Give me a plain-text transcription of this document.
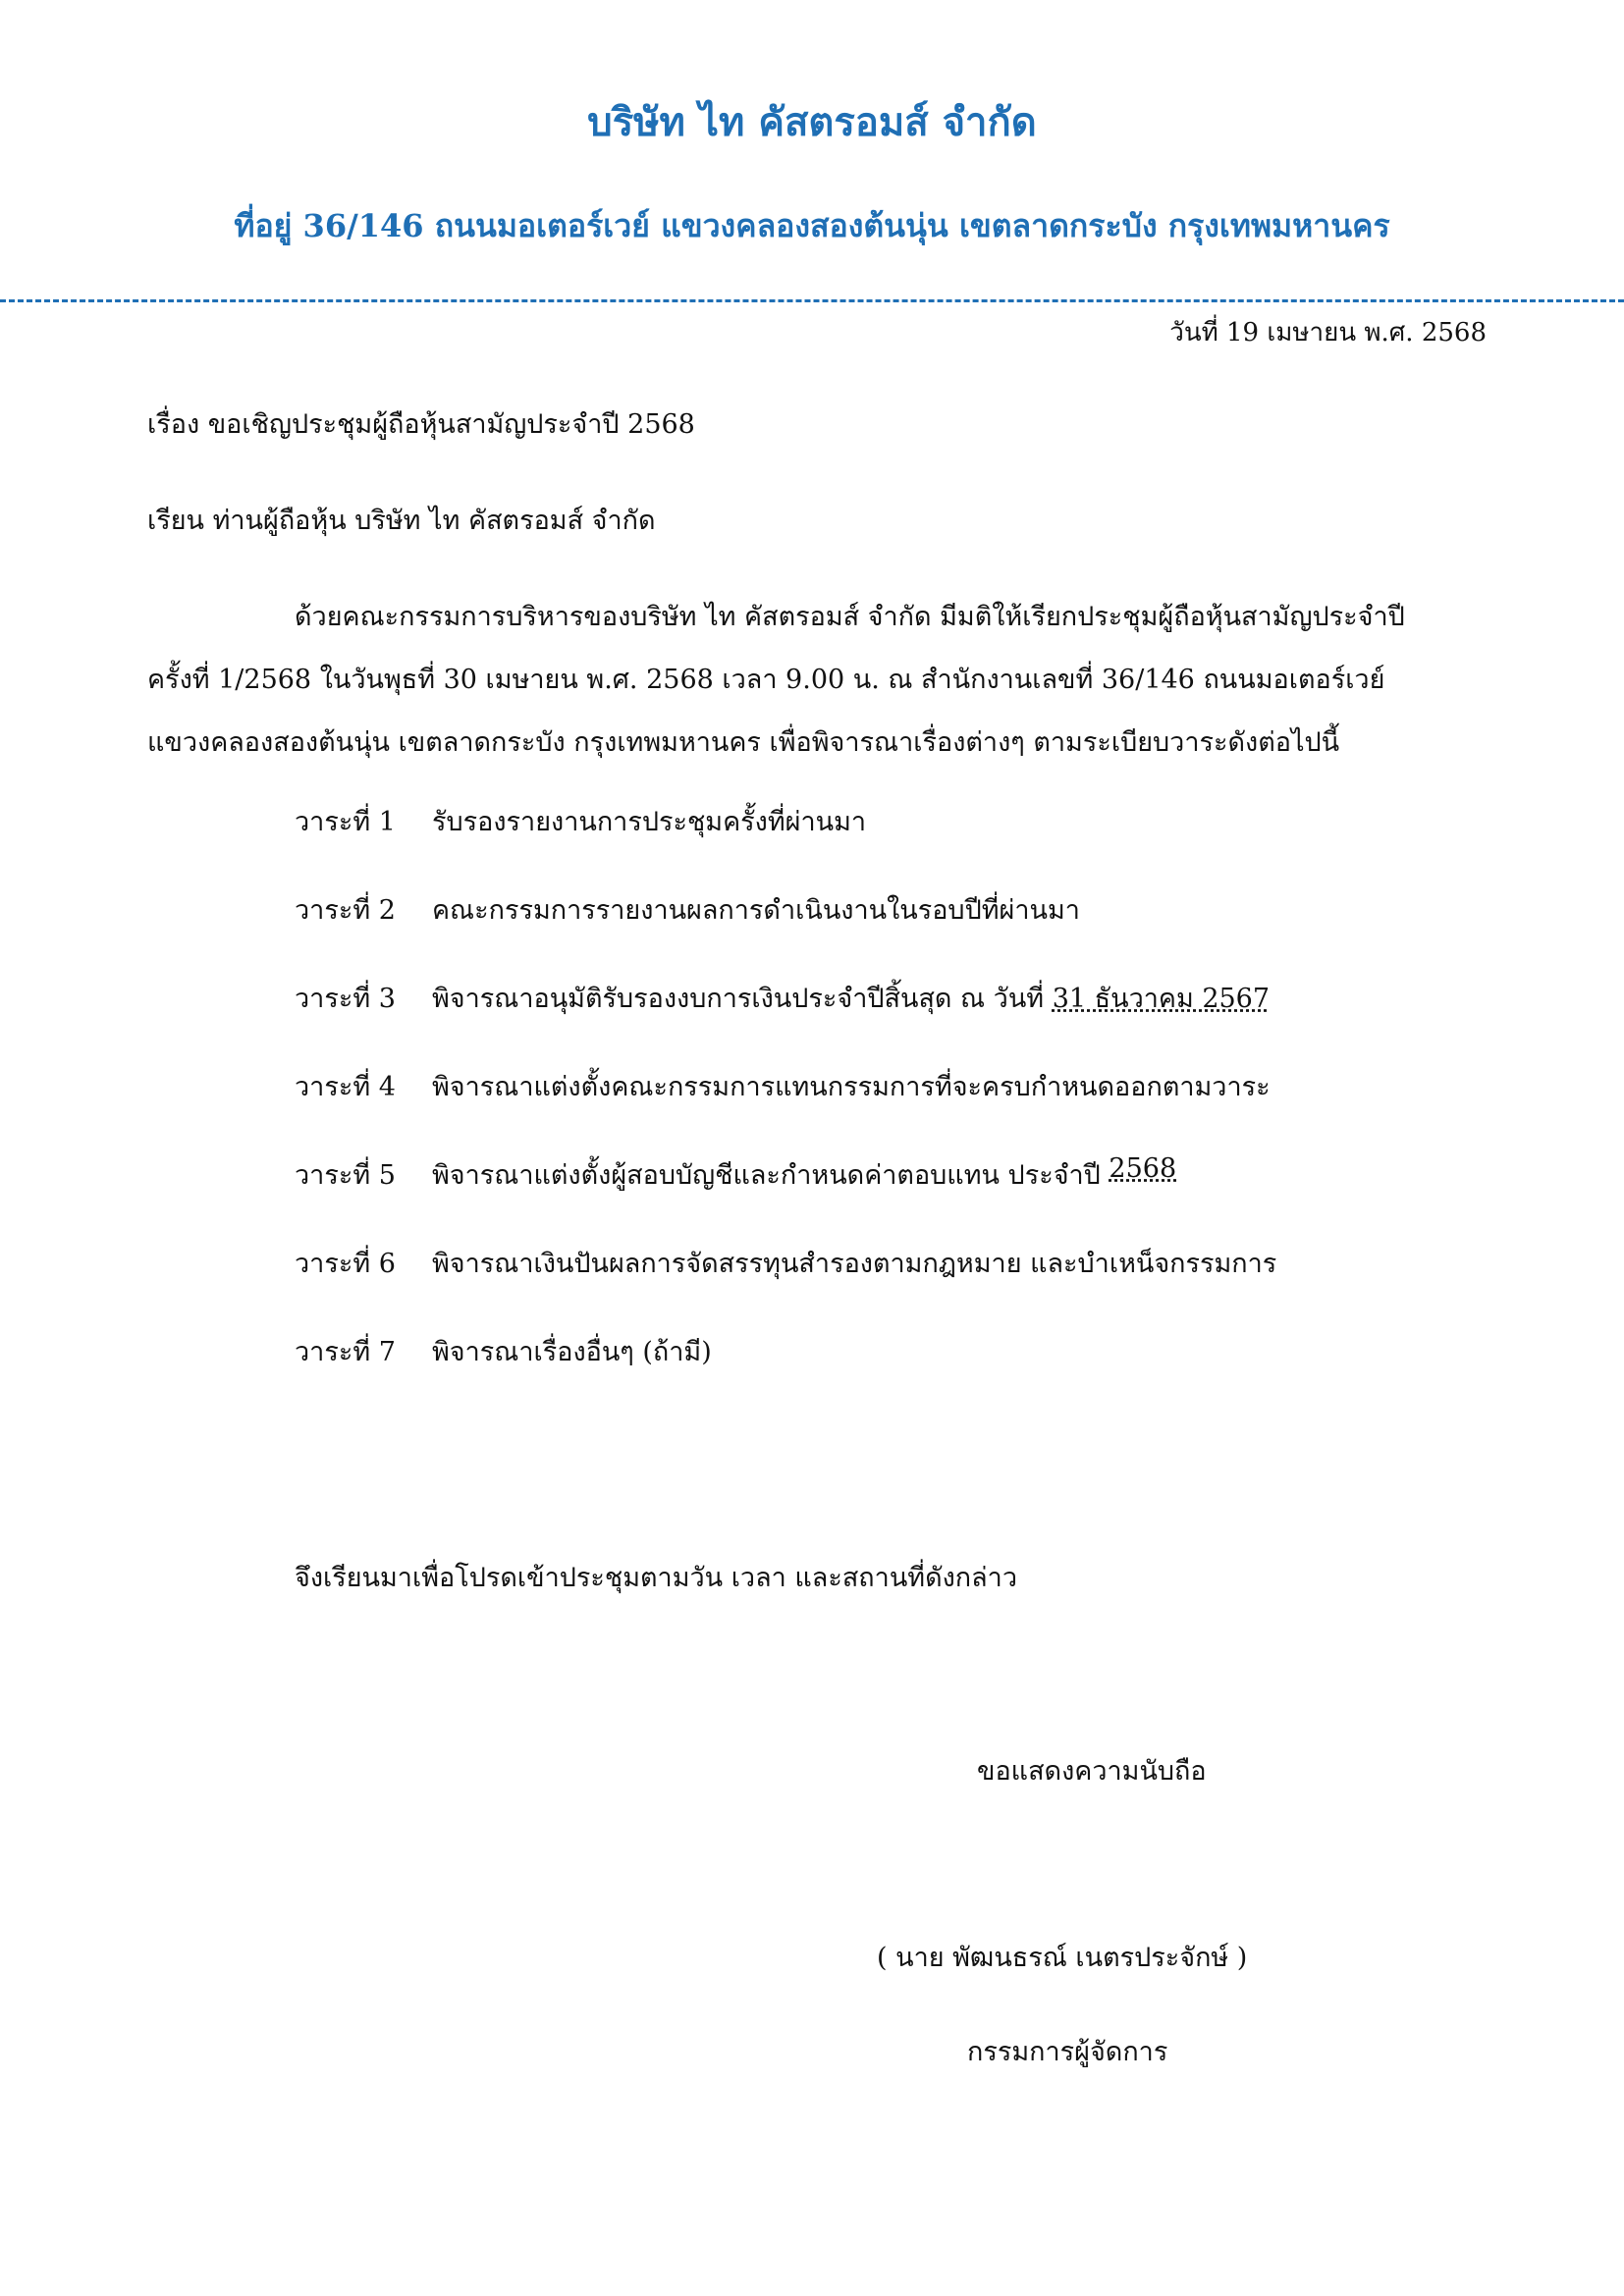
บริษัท ไท คัสตรอมส์ จำกัด
ที่อยู่ 36/146 ถนนมอเตอร์เวย์ แขวงคลองสองต้นนุ่น เขตลาดกระบัง กรุงเทพมหานคร
วันที่ 19 เมษายน พ.ศ. 2568
เรื่อง ขอเชิญประชุมผู้ถือหุ้นสามัญประจำปี 2568
เรียน ท่านผู้ถือหุ้น บริษัท ไท คัสตรอมส์ จำกัด

ด้วยคณะกรรมการบริหารของบริษัท ไท คัสตรอมส์ จำกัด มีมติให้เรียกประชุมผู้ถือหุ้นสามัญประจำปี

ครั้งที่ 1/2568 ในวันพุธที่ 30 เมษายน พ.ศ. 2568 เวลา 9.00 น. ณ สำนักงานเลขที่ 36/146 ถนนมอเตอร์เวย์

แขวงคลองสองต้นนุ่น เขตลาดกระบัง กรุงเทพมหานคร เพื่อพิจารณาเรื่องต่างๆ ตามระเบียบวาระดังต่อไปนี้

วาระที่ 1	รับรองรายงานการประชุมครั้งที่ผ่านมา
วาระที่ 2	คณะกรรมการรายงานผลการดำเนินงานในรอบปีที่ผ่านมา
วาระที่ 3	พิจารณาอนุมัติรับรองงบการเงินประจำปีสิ้นสุด ณ วันที่
31 ธันวาคม 2567
วาระที่ 4	พิจารณาแต่งตั้งคณะกรรมการแทนกรรมการที่จะครบกำหนดออกตามวาระ
วาระที่ 5	พิจารณาแต่งตั้งผู้สอบบัญชีและกำหนดค่าตอบแทน ประจำปี
2568
วาระที่ 6	พิจารณาเงินปันผลการจัดสรรทุนสำรองตามกฎหมาย และบำเหน็จกรรมการ
วาระที่ 7	พิจารณาเรื่องอื่นๆ (ถ้ามี)
จึงเรียนมาเพื่อโปรดเข้าประชุมตามวัน เวลา และสถานที่ดังกล่าว
ขอแสดงความนับถือ
( นาย พัฒนธรณ์ เนตรประจักษ์ )
กรรมการผู้จัดการ
